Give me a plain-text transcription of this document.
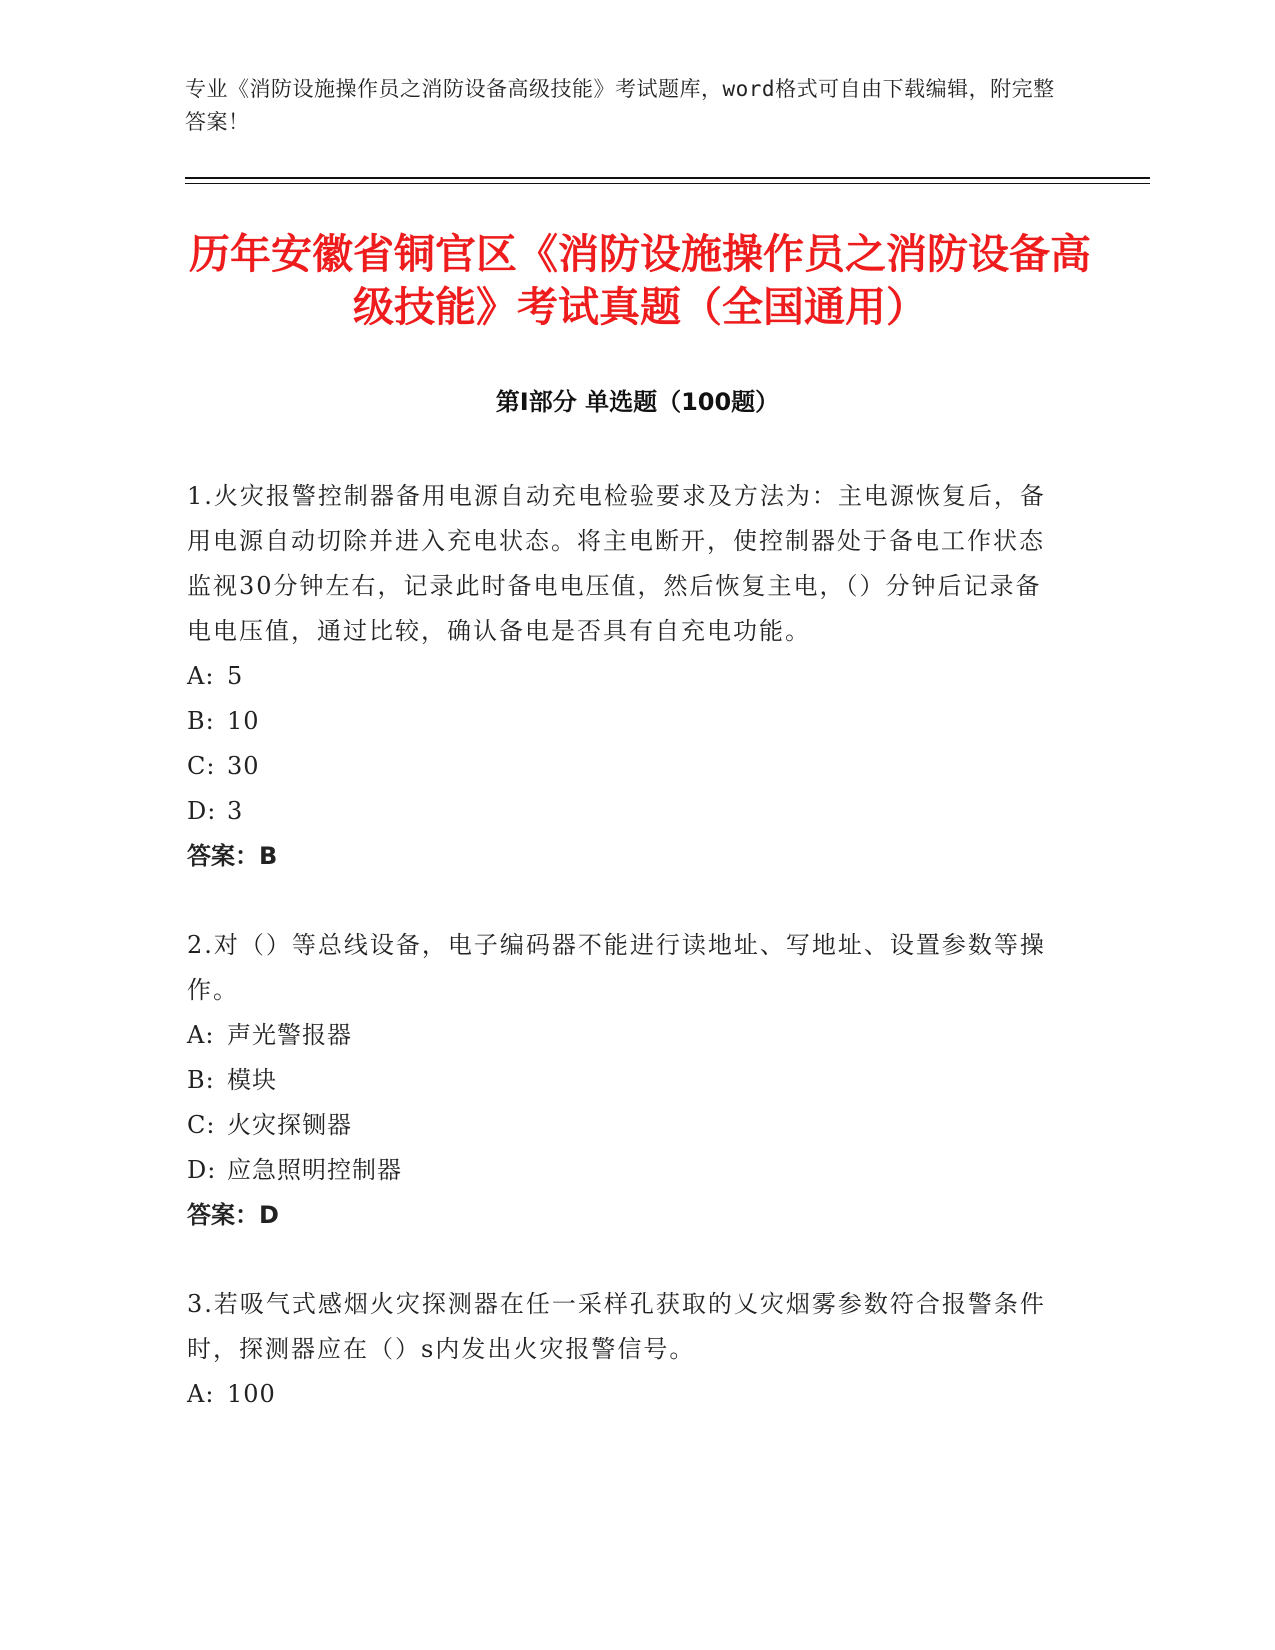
专业《消防设施操作员之消防设备高级技能》考试题库，word格式可自由下载编辑，附完整答案！
历年安徽省铜官区《消防设施操作员之消防设备高级技能》考试真题（全国通用）
第I部分 单选题（100题）

1.火灾报警控制器备用电源自动充电检验要求及方法为：主电源恢复后，备用电源自动切除并进入充电状态。将主电断开，使控制器处于备电工作状态监视30分钟左右，记录此时备电电压值，然后恢复主电，（）分钟后记录备电电压值，通过比较，确认备电是否具有自充电功能。

A: 5

B: 10

C: 30

D: 3

答案：B

2.对（）等总线设备，电子编码器不能进行读地址、写地址、设置参数等操作。

A: 声光警报器

B: 模块

C: 火灾探铡器

D: 应急照明控制器

答案：D

3.若吸气式感烟火灾探测器在任一采样孔获取的乂灾烟雾参数符合报警条件时，探测器应在（）s内发出火灾报警信号。

A: 100
